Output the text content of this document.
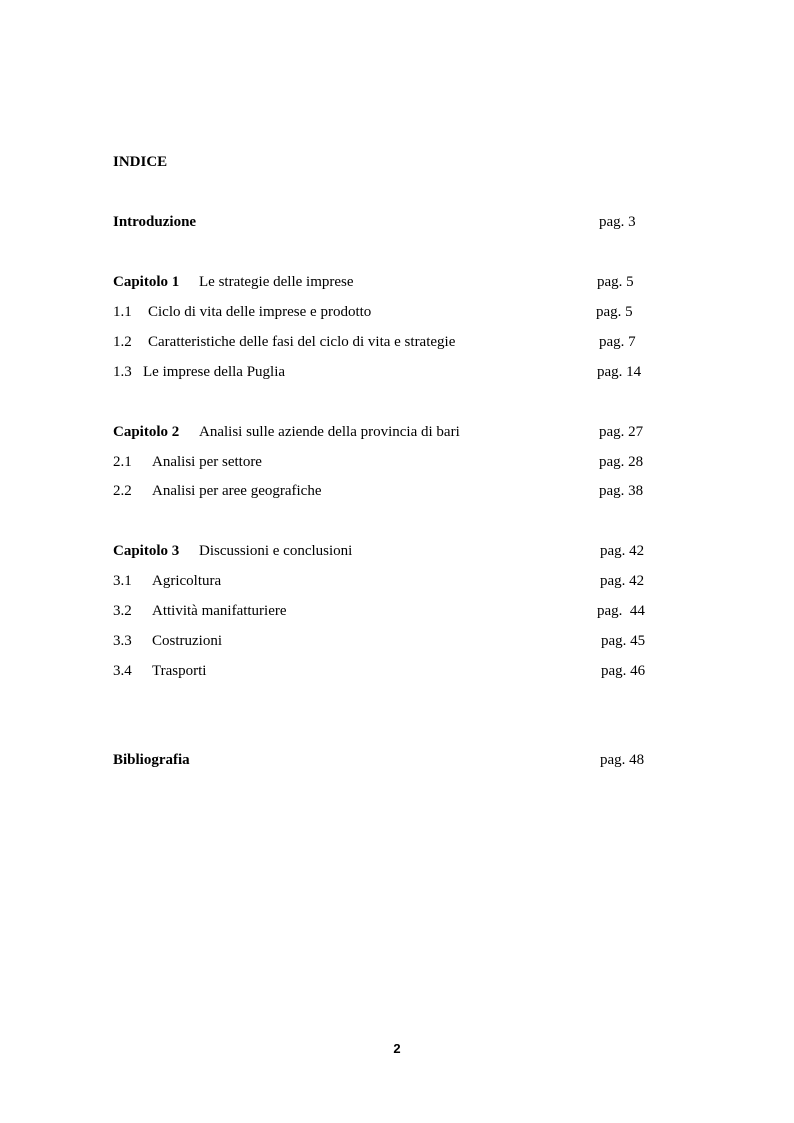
INDICE
Introduzione	pag. 3
Capitolo 1 Le strategie delle imprese	pag. 5
1.1 Ciclo di vita delle imprese e prodotto	pag. 5
1.2 Caratteristiche delle fasi del ciclo di vita e strategie	pag. 7
1.3 Le imprese della Puglia	pag. 14
Capitolo 2 Analisi sulle aziende della provincia di bari	pag. 27
2.1 Analisi per settore	pag. 28
2.2 Analisi per aree geografiche	pag. 38
Capitolo 3 Discussioni e conclusioni	pag. 42
3.1 Agricoltura	pag. 42
3.2 Attività manifatturiere	pag.  44
3.3 Costruzioni	pag. 45
3.4 Trasporti	pag. 46
Bibliografia	pag. 48
2
